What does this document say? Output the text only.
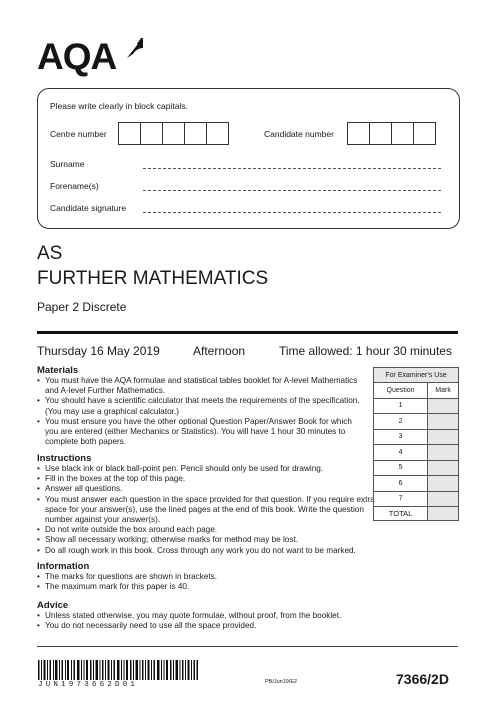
AQA
Please write clearly in block capitals.
Centre number	Candidate number
Surname
Forename(s)
Candidate signature
AS
FURTHER MATHEMATICS
Paper 2 Discrete
Thursday 16 May 2019	Afternoon	Time allowed: 1 hour 30 minutes
Materials
• You must have the AQA formulae and statistical tables booklet for A-level Mathematics and A-level Further Mathematics.
• You should have a scientific calculator that meets the requirements of the specification. (You may use a graphical calculator.)
• You must ensure you have the other optional Question Paper/Answer Book for which you are entered (either Mechanics or Statistics). You will have 1 hour 30 minutes to complete both papers.
Instructions
• Use black ink or black ball-point pen. Pencil should only be used for drawing.
• Fill in the boxes at the top of this page.
• Answer all questions.
• You must answer each question in the space provided for that question. If you require extra space for your answer(s), use the lined pages at the end of this book. Write the question number against your answer(s).
• Do not write outside the box around each page.
• Show all necessary working; otherwise marks for method may be lost.
• Do all rough work in this book. Cross through any work you do not want to be marked.
Information
• The marks for questions are shown in brackets.
• The maximum mark for this paper is 40.
Advice
• Unless stated otherwise, you may quote formulae, without proof, from the booklet.
• You do not necessarily need to use all the space provided.
For Examiner's Use	
Question	Mark
1	
2	
3	
4	
5	
6	
7	
TOTAL	
JUN1973662D01	PB/Jun19/E2	7366/2D
